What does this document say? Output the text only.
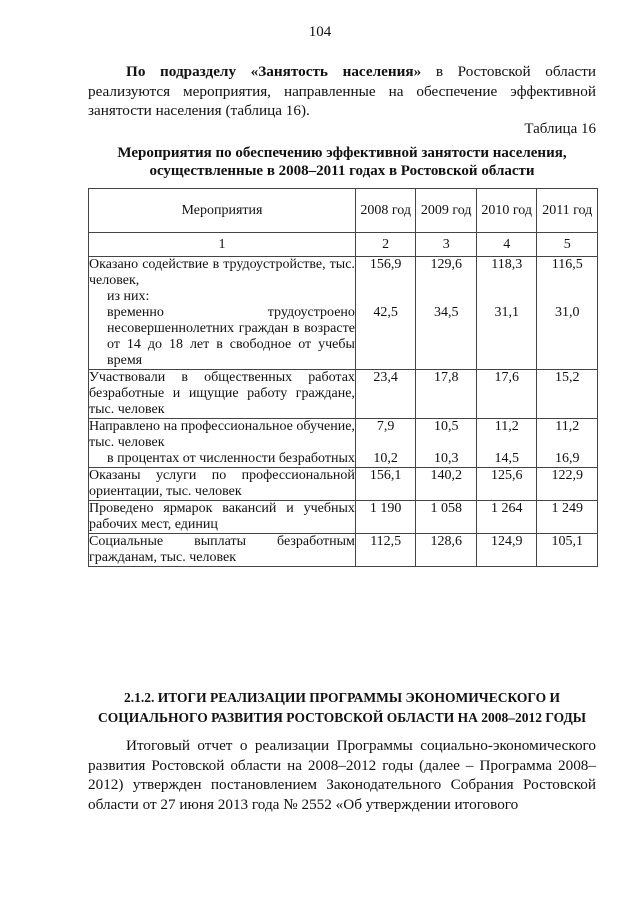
104

По подразделу «Занятость населения» в Ростовской области реализуются мероприятия, направленные на обеспечение эффективной занятости населения (таблица 16).

Таблица 16
Мероприятия по обеспечению эффективной занятости населения, осуществленные в 2008–2011 годах в Ростовской области
Мероприятия	2008 год	2009 год	2010 год	2011 год
1	2	3	4	5
Оказано содействие в трудоустройстве, тыс. человек,	156,9	129,6	118,3	116,5
из них:				
временно трудоустроено несовершеннолетних граждан в возрасте от 14 до 18 лет в свободное от учебы время	42,5	34,5	31,1	31,0
Участвовали в общественных работах безработные и ищущие работу граждане, тыс. человек	23,4	17,8	17,6	15,2
Направлено на профессиональное обучение, тыс. человек	7,9	10,5	11,2	11,2
в процентах от численности безработных	10,2	10,3	14,5	16,9
Оказаны услуги по профессиональной ориентации, тыс. человек	156,1	140,2	125,6	122,9
Проведено ярмарок вакансий и учебных рабочих мест, единиц	1 190	1 058	1 264	1 249
Социальные выплаты безработным гражданам, тыс. человек	112,5	128,6	124,9	105,1
2.1.2. ИТОГИ РЕАЛИЗАЦИИ ПРОГРАММЫ ЭКОНОМИЧЕСКОГО И СОЦИАЛЬНОГО РАЗВИТИЯ РОСТОВСКОЙ ОБЛАСТИ НА 2008–2012 ГОДЫ

Итоговый отчет о реализации Программы социально-экономического развития Ростовской области на 2008–2012 годы (далее – Программа 2008–2012) утвержден постановлением Законодательного Собрания Ростовской области от 27 июня 2013 года № 2552 «Об утверждении итогового
